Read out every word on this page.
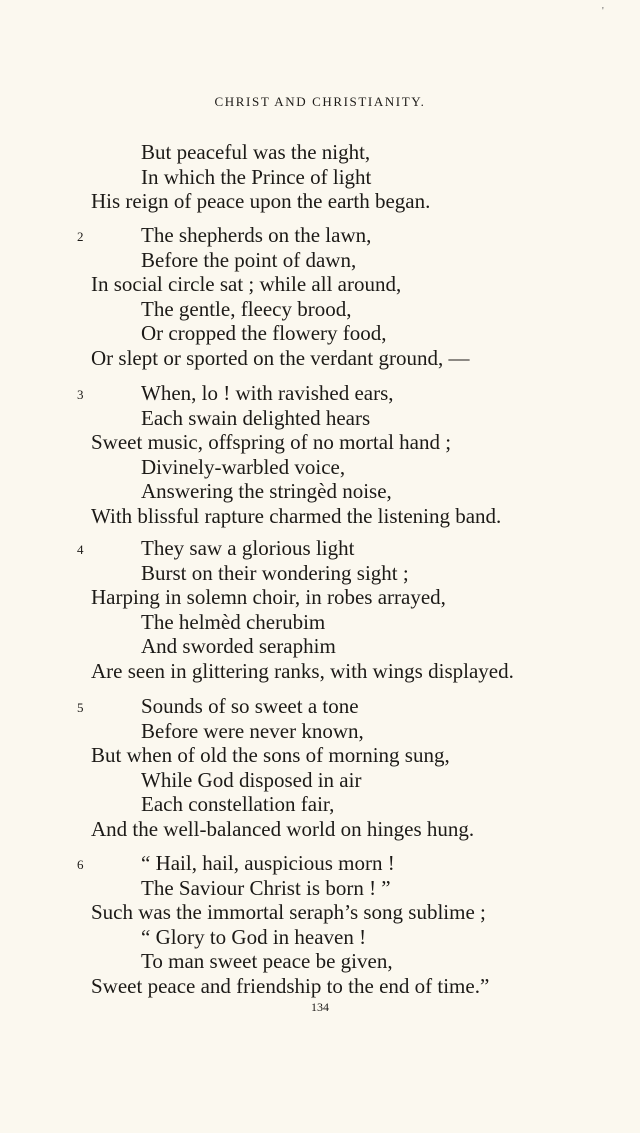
'
CHRIST AND CHRISTIANITY.
But peaceful was the night,
In which the Prince of light
His reign of peace upon the earth began.
2	The shepherds on the lawn,
Before the point of dawn,
In social circle sat ; while all around,
The gentle, fleecy brood,
Or cropped the flowery food,
Or slept or sported on the verdant ground, —
3	When, lo ! with ravished ears,
Each swain delighted hears
Sweet music, offspring of no mortal hand ;
Divinely-warbled voice,
Answering the stringèd noise,
With blissful rapture charmed the listening band.
4	They saw a glorious light
Burst on their wondering sight ;
Harping in solemn choir, in robes arrayed,
The helmèd cherubim
And sworded seraphim
Are seen in glittering ranks, with wings displayed.
5	Sounds of so sweet a tone
Before were never known,
But when of old the sons of morning sung,
While God disposed in air
Each constellation fair,
And the well-balanced world on hinges hung.
6	“ Hail, hail, auspicious morn !
The Saviour Christ is born ! ”
Such was the immortal seraph’s song sublime ;
“ Glory to God in heaven !
To man sweet peace be given,
Sweet peace and friendship to the end of time.”
134
